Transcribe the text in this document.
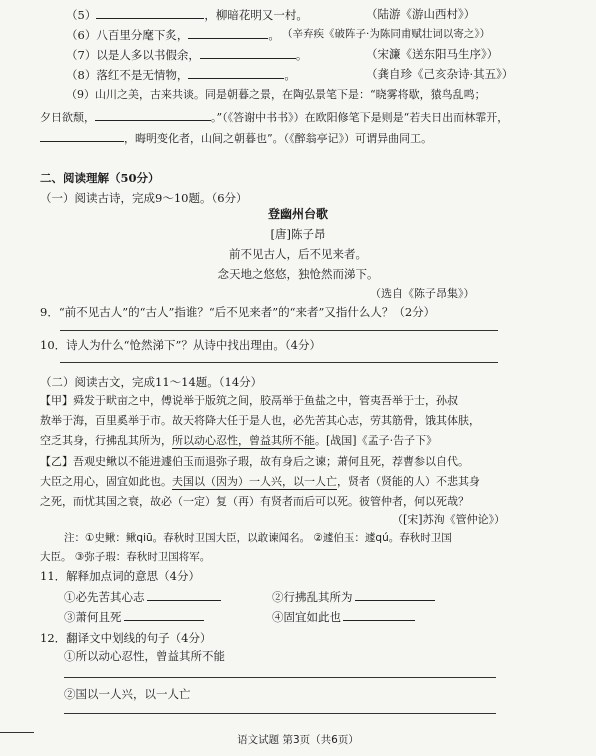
（5）	，柳暗花明又一村。	（陆游《游山西村》）
（6）八百里分麾下炙，	。 （辛弃疾《破阵子·为陈同甫赋壮词以寄之》）
（7）以是人多以书假余，	。	（宋濂《送东阳马生序》）
（8）落红不是无情物，	。	（龚自珍《己亥杂诗·其五》）
（9）山川之美，古来共谈。同是朝暮之景，在陶弘景笔下是：“晓雾将歇，猿鸟乱鸣；
夕日欲颓，	。”（《答谢中书书》）在欧阳修笔下是则是“若夫日出而林霏开，
，晦明变化者，山间之朝暮也”。（《醉翁亭记》）可谓异曲同工。
二、阅读理解（50分）
（一）阅读古诗，完成9～10题。（6分）
登幽州台歌
[唐]陈子昂
前不见古人，后不见来者。
念天地之悠悠，独怆然而涕下。
（选自《陈子昂集》）
9．“前不见古人”的“古人”指谁？“后不见来者”的“来者”又指什么人？（2分）
10．诗人为什么“怆然涕下”？从诗中找出理由。（4分）
（二）阅读古文，完成11～14题。（14分）
【甲】舜发于畎亩之中，傅说举于版筑之间，胶鬲举于鱼盐之中，管夷吾举于士，孙叔
敖举于海，百里奚举于市。故天将降大任于是人也，必先苦其心志，劳其筋骨，饿其体肤，
空乏其身，行拂乱其所为，所以动心忍性，曾益其所不能。[战国]《孟子·告子下》
【乙】吾观史鳅以不能进遽伯玉而退弥子瑕，故有身后之谏；萧何且死，荐曹参以自代。
大臣之用心，固宜如此也。夫国以（因为）一人兴，以一人亡，贤者（贤能的人）不悲其身
之死，而忧其国之衰，故必（一定）复（再）有贤者而后可以死。彼管仲者，何以死哉？
（[宋]苏洵《管仲论》）
注：①史鳅：鳅qiū。春秋时卫国大臣，以敢谏闻名。 ②遽伯玉：遽qú。春秋时卫国
大臣。 ③弥子瑕：春秋时卫国将军。
11．解释加点词的意思（4分）
①必先苦其心志	②行拂乱其所为
③萧何且死	④固宜如此也
12．翻译文中划线的句子（4分）
①所以动心忍性，曾益其所不能
②国以一人兴，以一人亡
语文试题 第3页（共6页）
